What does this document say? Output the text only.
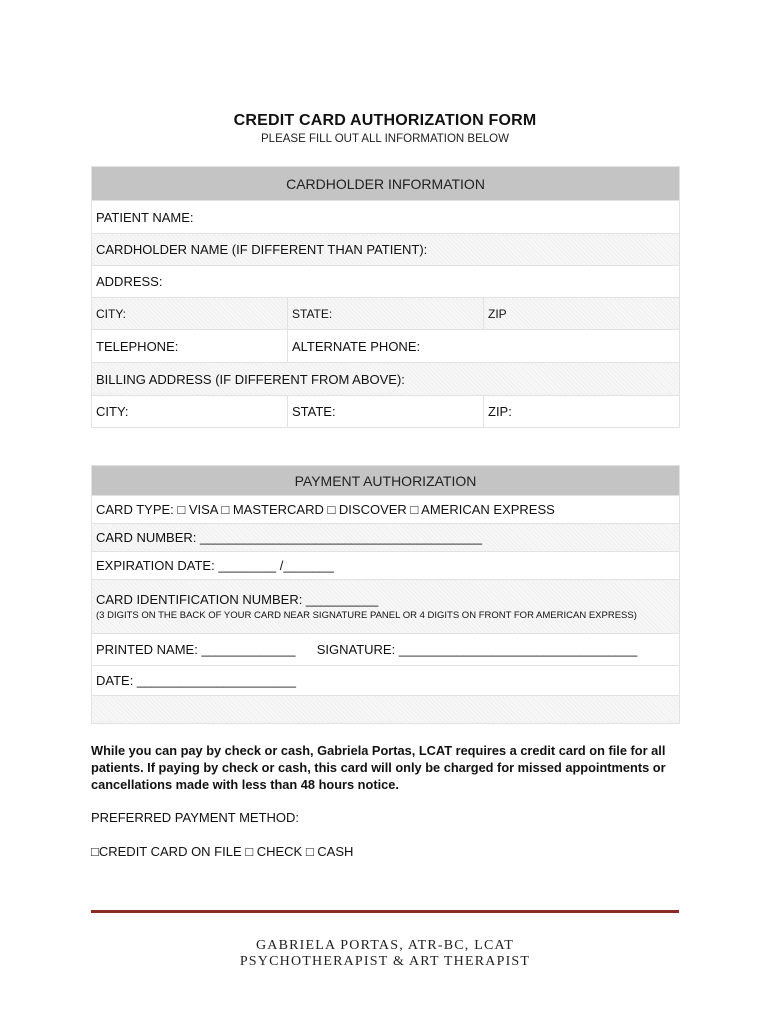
CREDIT CARD AUTHORIZATION FORM
PLEASE FILL OUT ALL INFORMATION BELOW
CARDHOLDER INFORMATION		
PATIENT NAME:		
CARDHOLDER NAME (IF DIFFERENT THAN PATIENT):		
ADDRESS:		
CITY:	STATE:	ZIP
TELEPHONE:	ALTERNATE PHONE:	
BILLING ADDRESS (IF DIFFERENT FROM ABOVE):		
CITY:	STATE:	ZIP:
PAYMENT AUTHORIZATION
CARD TYPE: □ VISA □ MASTERCARD □ DISCOVER □ AMERICAN EXPRESS
CARD NUMBER: _______________________________________
EXPIRATION DATE: ________ /_______
CARD IDENTIFICATION NUMBER: __________
(3 DIGITS ON THE BACK OF YOUR CARD NEAR SIGNATURE PANEL OR 4 DIGITS ON FRONT FOR AMERICAN EXPRESS)

PRINTED NAME: _____________ SIGNATURE: _________________________________
DATE: ______________________

While you can pay by check or cash, Gabriela Portas, LCAT requires a credit card on file for all patients. If paying by check or cash, this card will only be charged for missed appointments or cancellations made with less than 48 hours notice.
PREFERRED PAYMENT METHOD:
□CREDIT CARD ON FILE □ CHECK □ CASH
GABRIELA PORTAS, ATR-BC, LCAT
PSYCHOTHERAPIST & ART THERAPIST
